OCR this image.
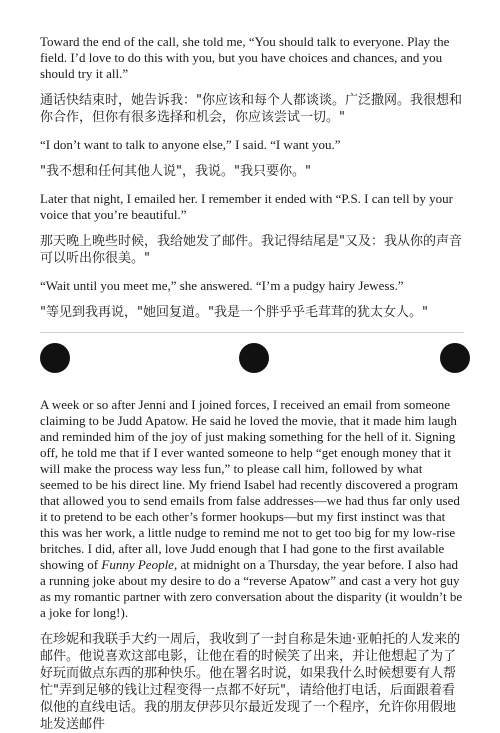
Toward the end of the call, she told me, “You should talk to everyone. Play the field. I’d love to do this with you, but you have choices and chances, and you should try it all.”

通话快结束时，她告诉我："你应该和每个人都谈谈。广泛撒网。我很想和你合作，但你有很多选择和机会，你应该尝试一切。"

“I don’t want to talk to anyone else,” I said. “I want you.”

"我不想和任何其他人说"，我说。"我只要你。"

Later that night, I emailed her. I remember it ended with “P.S. I can tell by your voice that you’re beautiful.”

那天晚上晚些时候，我给她发了邮件。我记得结尾是"又及：我从你的声音可以听出你很美。"

“Wait until you meet me,” she answered. “I’m a pudgy hairy Jewess.”

"等见到我再说，"她回复道。"我是一个胖乎乎毛茸茸的犹太女人。"

A week or so after Jenni and I joined forces, I received an email from someone claiming to be Judd Apatow. He said he loved the movie, that it made him laugh and reminded him of the joy of just making something for the hell of it. Signing off, he told me that if I ever wanted someone to help “get enough money that it will make the process way less fun,” to please call him, followed by what seemed to be his direct line. My friend Isabel had recently discovered a program that allowed you to send emails from false addresses—we had thus far only used it to pretend to be each other’s former hookups—but my first instinct was that this was her work, a little nudge to remind me not to get too big for my low-rise britches. I did, after all, love Judd enough that I had gone to the first available showing of Funny People, at midnight on a Thursday, the year before. I also had a running joke about my desire to do a “reverse Apatow” and cast a very hot guy as my romantic partner with zero conversation about the disparity (it wouldn’t be a joke for long!).

在珍妮和我联手大约一周后，我收到了一封自称是朱迪·亚帕托的人发来的邮件。他说喜欢这部电影，让他在看的时候笑了出来，并让他想起了为了好玩而做点东西的那种快乐。他在署名时说，如果我什么时候想要有人帮忙"弄到足够的钱让过程变得一点都不好玩"，请给他打电话，后面跟着看似他的直线电话。我的朋友伊莎贝尔最近发现了一个程序，允许你用假地址发送邮件
